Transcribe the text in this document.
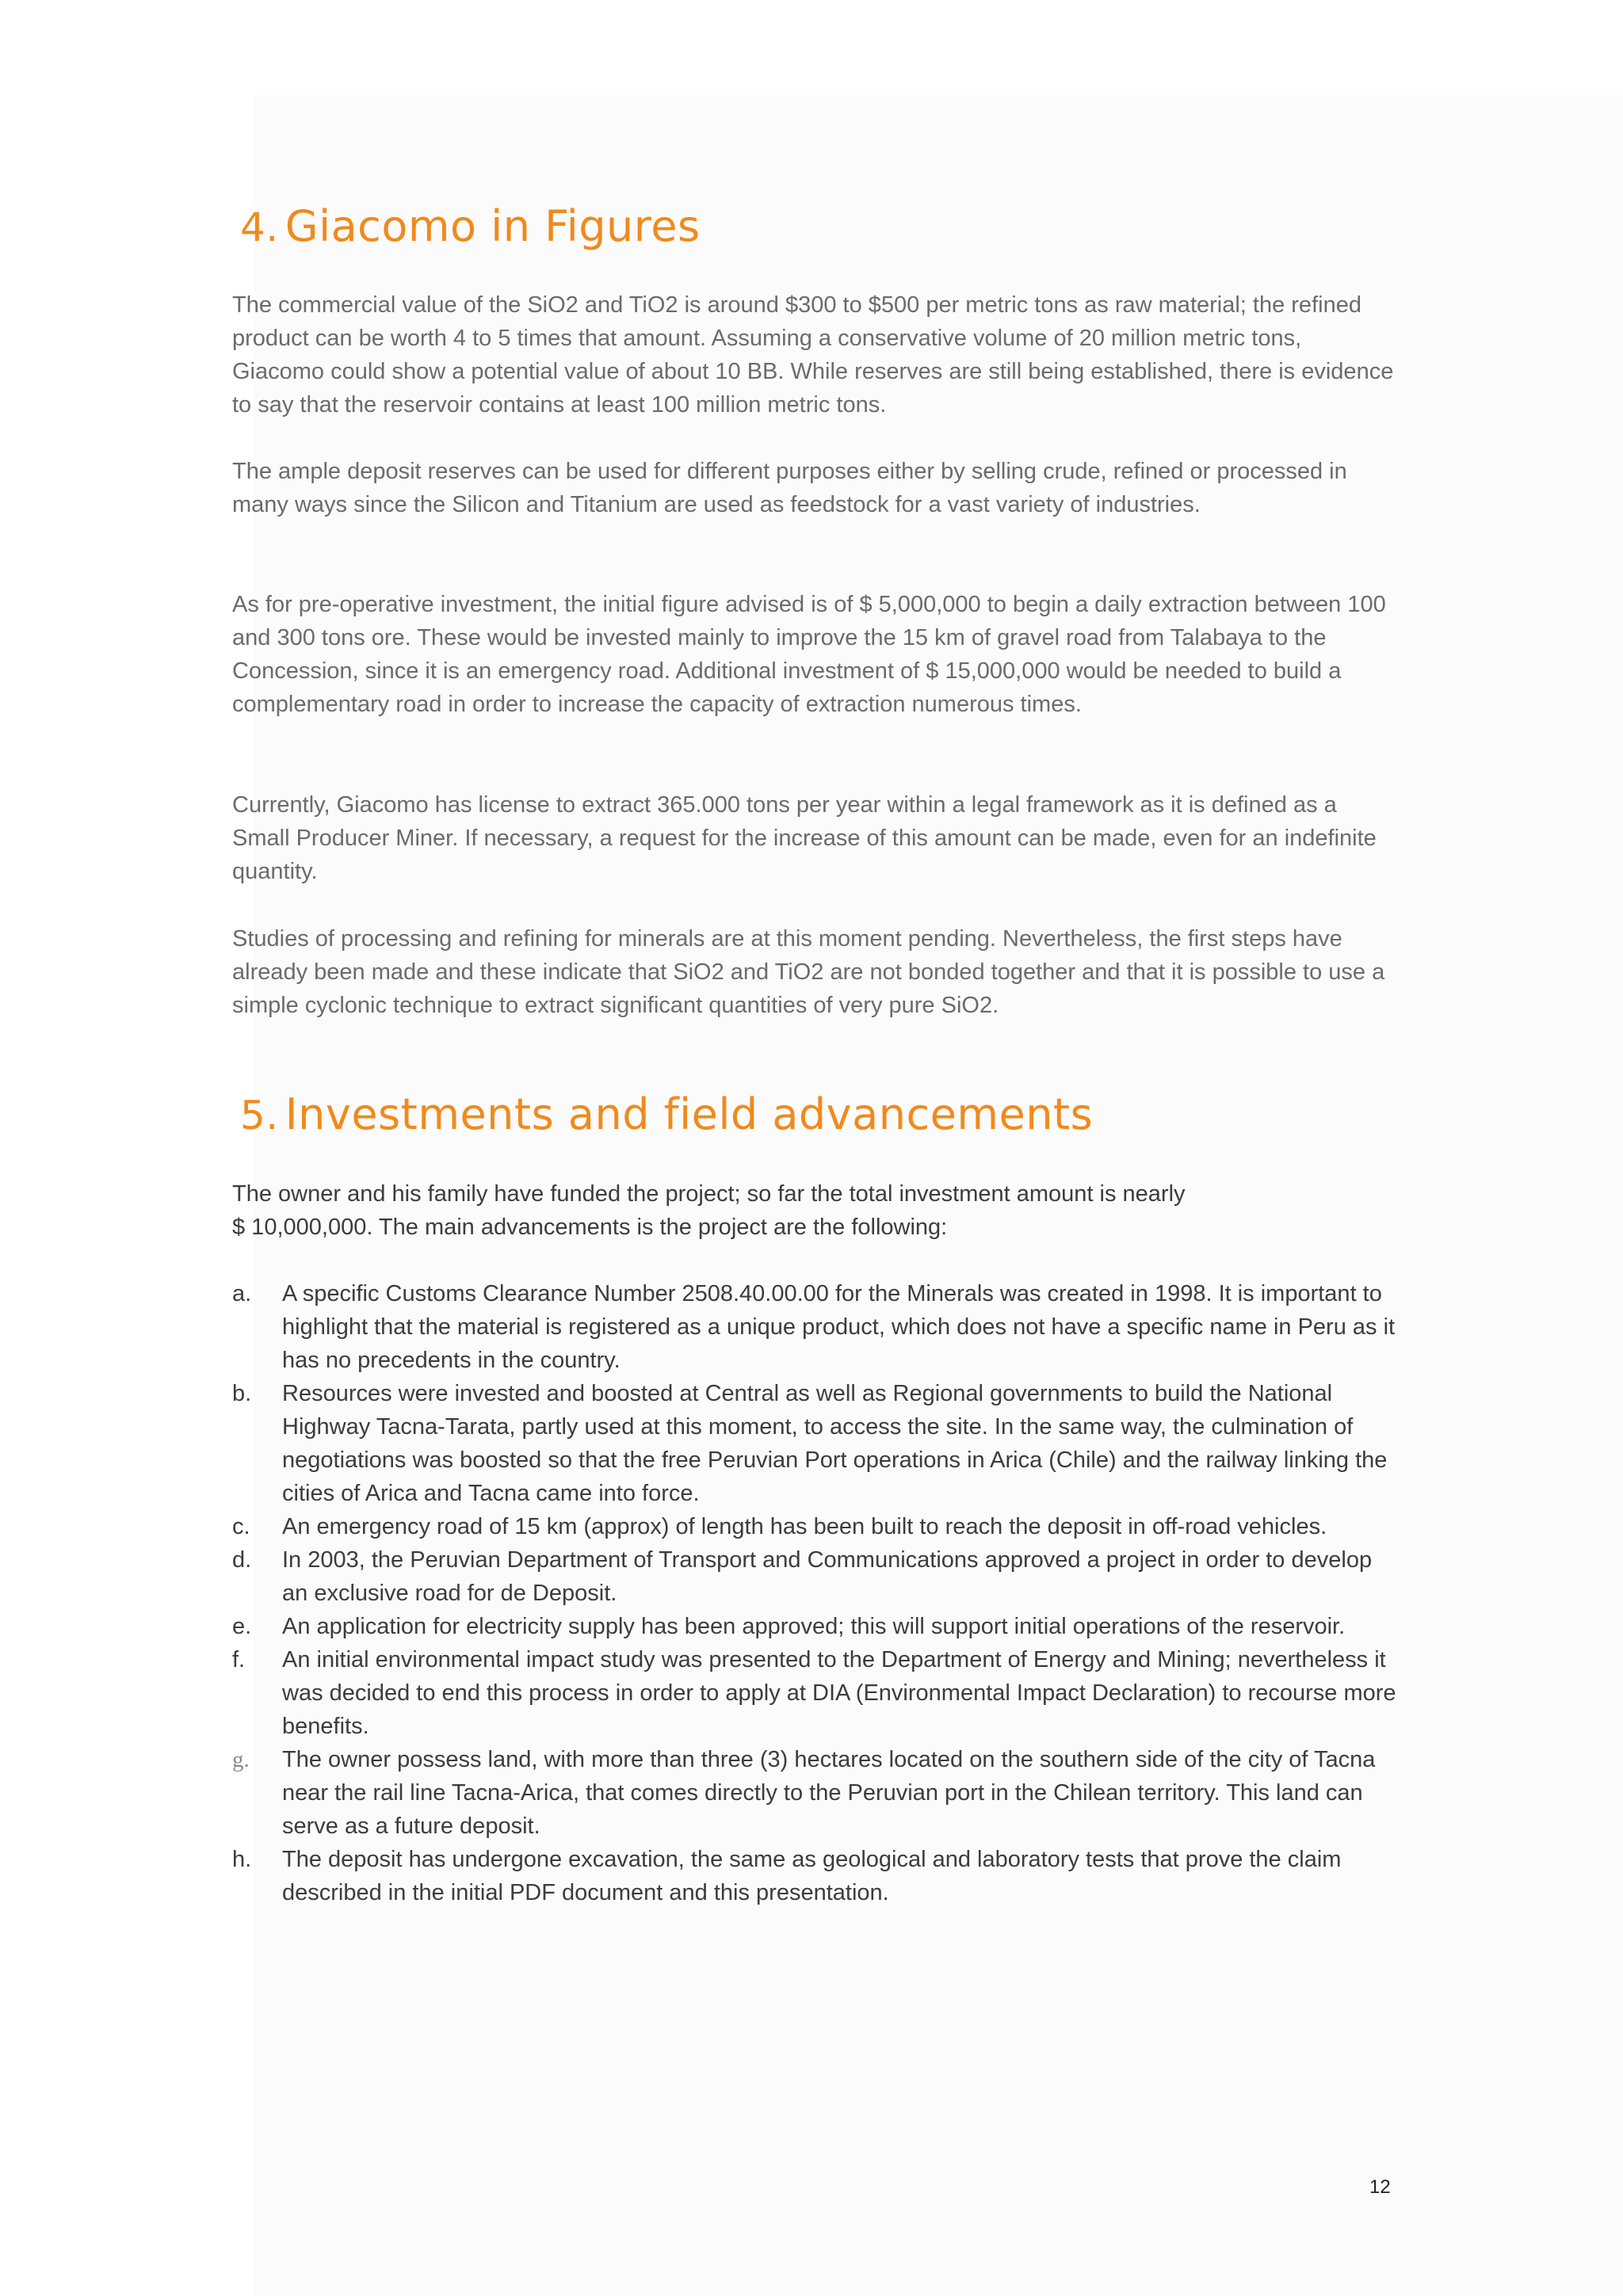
4. Giacomo in Figures

The commercial value of the SiO2 and TiO2 is around $300 to $500 per metric tons as raw material; the refined product can be worth 4 to 5 times that amount. Assuming a conservative volume of 20 million metric tons, Giacomo could show a potential value of about 10 BB. While reserves are still being established, there is evidence to say that the reservoir contains at least 100 million metric tons.

The ample deposit reserves can be used for different purposes either by selling crude, refined or processed in many ways since the Silicon and Titanium are used as feedstock for a vast variety of industries.

As for pre-operative investment, the initial figure advised is of $ 5,000,000 to begin a daily extraction between 100 and 300 tons ore. These would be invested mainly to improve the 15 km of gravel road from Talabaya to the Concession, since it is an emergency road. Additional investment of $ 15,000,000 would be needed to build a complementary road in order to increase the capacity of extraction numerous times.

Currently, Giacomo has license to extract 365.000 tons per year within a legal framework as it is defined as a Small Producer Miner. If necessary, a request for the increase of this amount can be made, even for an indefinite quantity.

Studies of processing and refining for minerals are at this moment pending. Nevertheless, the first steps have already been made and these indicate that SiO2 and TiO2 are not bonded together and that it is possible to use a simple cyclonic technique to extract significant quantities of very pure SiO2.

5. Investments and field advancements

The owner and his family have funded the project; so far the total investment amount is nearly
$ 10,000,000. The main advancements is the project are the following:

a.	A specific Customs Clearance Number 2508.40.00.00 for the Minerals was created in 1998. It is important to highlight that the material is registered as a unique product, which does not have a specific name in Peru as it has no precedents in the country.
b.	Resources were invested and boosted at Central as well as Regional governments to build the National Highway Tacna-Tarata, partly used at this moment, to access the site. In the same way, the culmination of negotiations was boosted so that the free Peruvian Port operations in Arica (Chile) and the railway linking the cities of Arica and Tacna came into force.
c.	An emergency road of 15 km (approx) of length has been built to reach the deposit in off-road vehicles.
d.	In 2003, the Peruvian Department of Transport and Communications approved a project in order to develop an exclusive road for de Deposit.
e.	An application for electricity supply has been approved; this will support initial operations of the reservoir.
f.	An initial environmental impact study was presented to the Department of Energy and Mining; nevertheless it was decided to end this process in order to apply at DIA (Environmental Impact Declaration) to recourse more benefits.
g.	The owner possess land, with more than three (3) hectares located on the southern side of the city of Tacna near the rail line Tacna-Arica, that comes directly to the Peruvian port in the Chilean territory. This land can serve as a future deposit.
h.	The deposit has undergone excavation, the same as geological and laboratory tests that prove the claim described in the initial PDF document and this presentation.
12
